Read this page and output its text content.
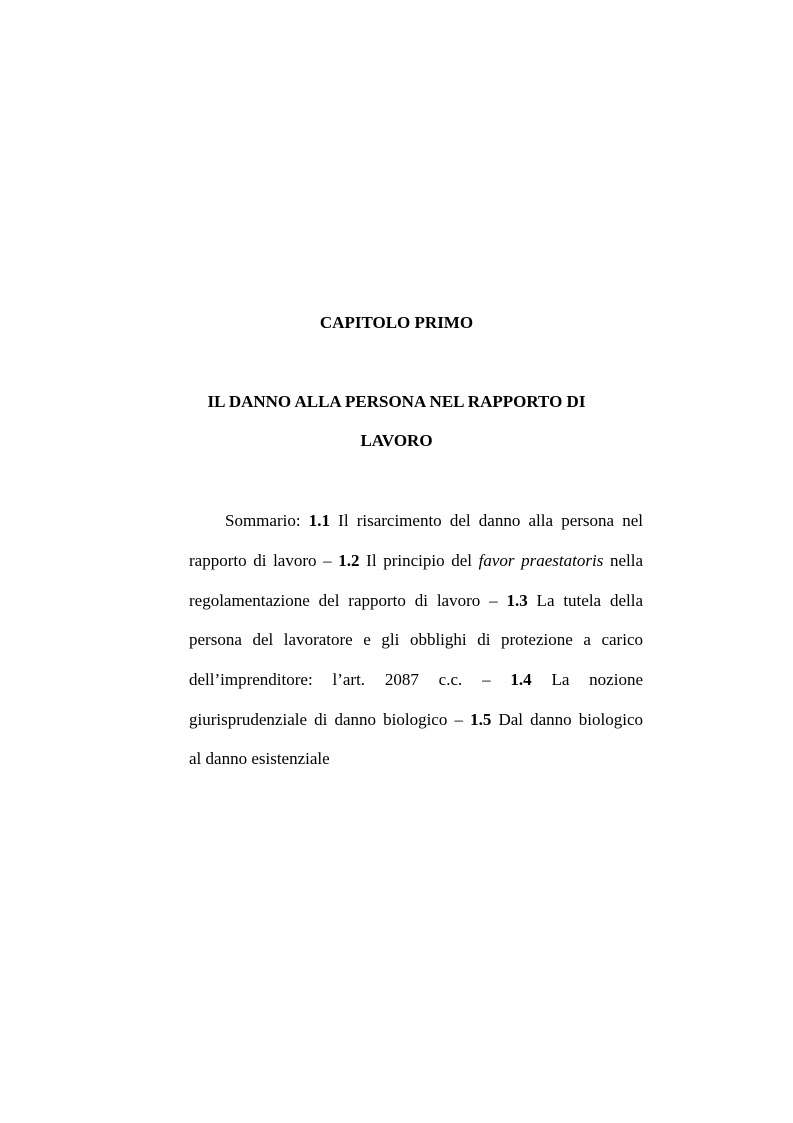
CAPITOLO PRIMO
IL DANNO ALLA PERSONA NEL RAPPORTO DI
LAVORO
Sommario: 1.1 Il risarcimento del danno alla persona nel
rapporto di lavoro – 1.2 Il principio del favor praestatoris nella
regolamentazione del rapporto di lavoro – 1.3 La tutela della
persona del lavoratore e gli obblighi di protezione a carico
dell’imprenditore: l’art. 2087 c.c. – 1.4 La nozione
giurisprudenziale di danno biologico – 1.5 Dal danno biologico
al danno esistenziale
